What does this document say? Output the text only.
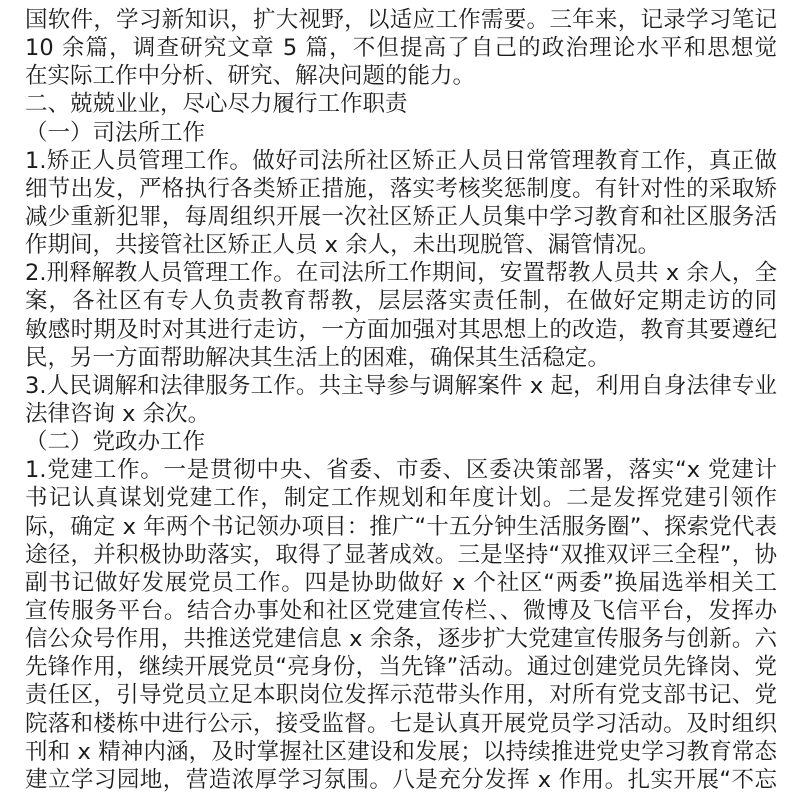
国软件，学习新知识，扩大视野，以适应工作需要。三年来，记录学习笔记
10 余篇，调查研究文章 5 篇，不但提高了自己的政治理论水平和思想觉
在实际工作中分析、研究、解决问题的能力。
二、兢兢业业，尽心尽力履行工作职责
（一）司法所工作
1.矫正人员管理工作。做好司法所社区矫正人员日常管理教育工作，真正做
细节出发，严格执行各类矫正措施，落实考核奖惩制度。有针对性的采取矫
减少重新犯罪，每周组织开展一次社区矫正人员集中学习教育和社区服务活
作期间，共接管社区矫正人员 x 余人，未出现脱管、漏管情况。
2.刑释解教人员管理工作。在司法所工作期间，安置帮教人员共 x 余人，全
案，各社区有专人负责教育帮教，层层落实责任制，在做好定期走访的同
敏感时期及时对其进行走访，一方面加强对其思想上的改造，教育其要遵纪
民，另一方面帮助解决其生活上的困难，确保其生活稳定。
3.人民调解和法律服务工作。共主导参与调解案件 x 起，利用自身法律专业
法律咨询 x 余次。
（二）党政办工作
1.党建工作。一是贯彻中央、省委、市委、区委决策部署，落实“x 党建计
书记认真谋划党建工作，制定工作规划和年度计划。二是发挥党建引领作
际，确定 x 年两个书记领办项目：推广“十五分钟生活服务圈”、探索党代表
途径，并积极协助落实，取得了显著成效。三是坚持“双推双评三全程”，协
副书记做好发展党员工作。四是协助做好 x 个社区“两委”换届选举相关工
宣传服务平台。结合办事处和社区党建宣传栏、、微博及飞信平台，发挥办
信公众号作用，共推送党建信息 x 余条，逐步扩大党建宣传服务与创新。六
先锋作用，继续开展党员“亮身份，当先锋”活动。通过创建党员先锋岗、党
责任区，引导党员立足本职岗位发挥示范带头作用，对所有党支部书记、党
院落和楼栋中进行公示，接受监督。七是认真开展党员学习活动。及时组织
刊和 x 精神内涵，及时掌握社区建设和发展；以持续推进党史学习教育常态
建立学习园地，营造浓厚学习氛围。八是充分发挥 x 作用。扎实开展“不忘
